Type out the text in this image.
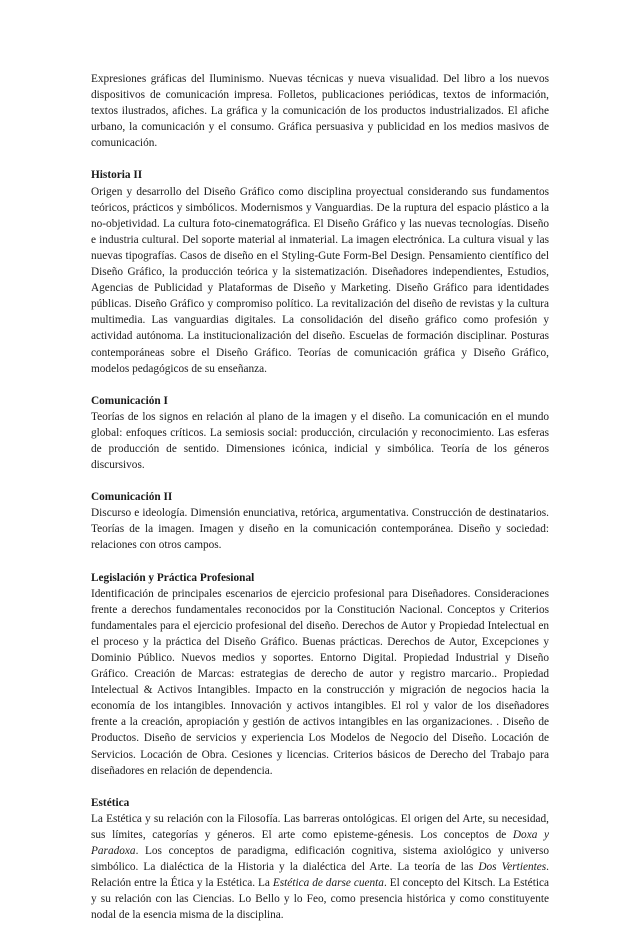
Expresiones gráficas del Iluminismo. Nuevas técnicas y nueva visualidad. Del libro a los nuevos dispositivos de comunicación impresa. Folletos, publicaciones periódicas, textos de información, textos ilustrados, afiches. La gráfica y la comunicación de los productos industrializados. El afiche urbano, la comunicación y el consumo. Gráfica persuasiva y publicidad en los medios masivos de comunicación.
Historia II
Origen y desarrollo del Diseño Gráfico como disciplina proyectual considerando sus fundamentos teóricos, prácticos y simbólicos. Modernismos y Vanguardias. De la ruptura del espacio plástico a la no-objetividad. La cultura foto-cinematográfica. El Diseño Gráfico y las nuevas tecnologías. Diseño e industria cultural. Del soporte material al inmaterial. La imagen electrónica. La cultura visual y las nuevas tipografías. Casos de diseño en el Styling-Gute Form-Bel Design. Pensamiento científico del Diseño Gráfico, la producción teórica y la sistematización. Diseñadores independientes, Estudios, Agencias de Publicidad y Plataformas de Diseño y Marketing. Diseño Gráfico para identidades públicas. Diseño Gráfico y compromiso político. La revitalización del diseño de revistas y la cultura multimedia. Las vanguardias digitales. La consolidación del diseño gráfico como profesión y actividad autónoma. La institucionalización del diseño. Escuelas de formación disciplinar. Posturas contemporáneas sobre el Diseño Gráfico. Teorías de comunicación gráfica y Diseño Gráfico, modelos pedagógicos de su enseñanza.
Comunicación I
Teorías de los signos en relación al plano de la imagen y el diseño. La comunicación en el mundo global: enfoques críticos. La semiosis social: producción, circulación y reconocimiento. Las esferas de producción de sentido. Dimensiones icónica, indicial y simbólica. Teoría de los géneros discursivos.
Comunicación II
Discurso e ideología. Dimensión enunciativa, retórica, argumentativa. Construcción de destinatarios. Teorías de la imagen. Imagen y diseño en la comunicación contemporánea. Diseño y sociedad: relaciones con otros campos.
Legislación y Práctica Profesional
Identificación de principales escenarios de ejercicio profesional para Diseñadores. Consideraciones frente a derechos fundamentales reconocidos por la Constitución Nacional. Conceptos y Criterios fundamentales para el ejercicio profesional del diseño. Derechos de Autor y Propiedad Intelectual en el proceso y la práctica del Diseño Gráfico. Buenas prácticas. Derechos de Autor, Excepciones y Dominio Público. Nuevos medios y soportes. Entorno Digital. Propiedad Industrial y Diseño Gráfico. Creación de Marcas: estrategias de derecho de autor y registro marcario.. Propiedad Intelectual & Activos Intangibles. Impacto en la construcción y migración de negocios hacia la economía de los intangibles. Innovación y activos intangibles. El rol y valor de los diseñadores frente a la creación, apropiación y gestión de activos intangibles en las organizaciones. . Diseño de Productos. Diseño de servicios y experiencia Los Modelos de Negocio del Diseño. Locación de Servicios. Locación de Obra. Cesiones y licencias. Criterios básicos de Derecho del Trabajo para diseñadores en relación de dependencia.
Estética
La Estética y su relación con la Filosofía. Las barreras ontológicas. El origen del Arte, su necesidad, sus límites, categorías y géneros. El arte como episteme-génesis. Los conceptos de Doxa y Paradoxa. Los conceptos de paradigma, edificación cognitiva, sistema axiológico y universo simbólico. La dialéctica de la Historia y la dialéctica del Arte. La teoría de las Dos Vertientes. Relación entre la Ética y la Estética. La Estética de darse cuenta. El concepto del Kitsch. La Estética y su relación con las Ciencias. Lo Bello y lo Feo, como presencia histórica y como constituyente nodal de la esencia misma de la disciplina.
